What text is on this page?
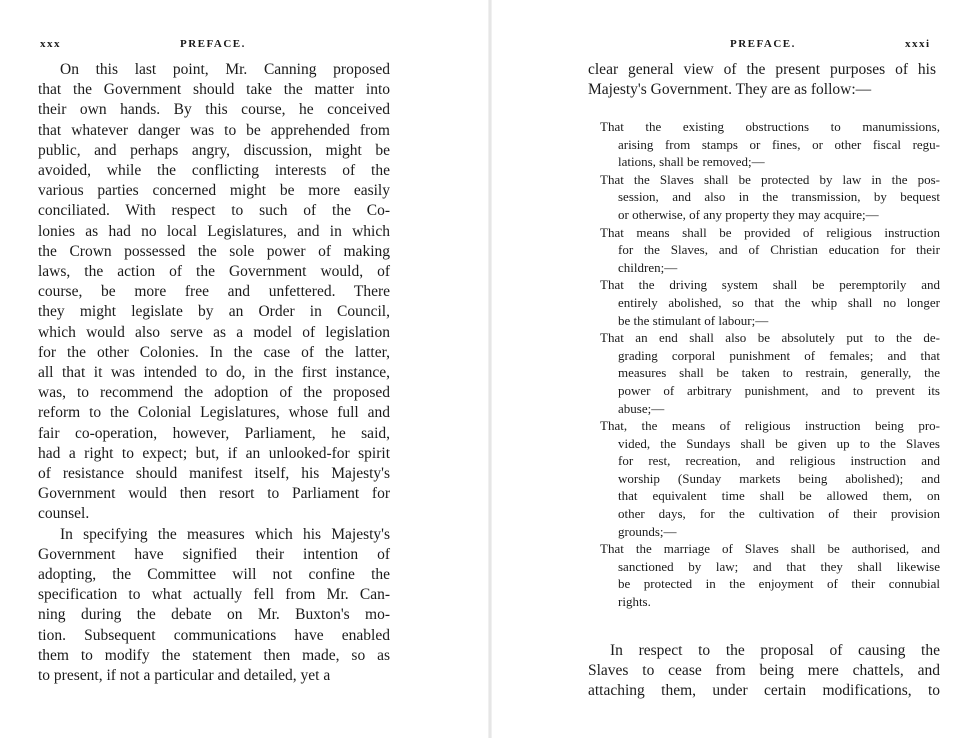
xxx	PREFACE.
On this last point, Mr. Canning proposed
that the Government should take the matter into
their own hands. By this course, he conceived
that whatever danger was to be apprehended from
public, and perhaps angry, discussion, might be
avoided, while the conflicting interests of the
various parties concerned might be more easily
conciliated. With respect to such of the Co-
lonies as had no local Legislatures, and in which
the Crown possessed the sole power of making
laws, the action of the Government would, of
course, be more free and unfettered. There
they might legislate by an Order in Council,
which would also serve as a model of legislation
for the other Colonies. In the case of the latter,
all that it was intended to do, in the first instance,
was, to recommend the adoption of the proposed
reform to the Colonial Legislatures, whose full and
fair co-operation, however, Parliament, he said,
had a right to expect; but, if an unlooked-for spirit
of resistance should manifest itself, his Majesty's
Government would then resort to Parliament for
counsel.
In specifying the measures which his Majesty's
Government have signified their intention of
adopting, the Committee will not confine the
specification to what actually fell from Mr. Can-
ning during the debate on Mr. Buxton's mo-
tion. Subsequent communications have enabled
them to modify the statement then made, so as
to present, if not a particular and detailed, yet a
PREFACE.	xxxi
clear general view of the present purposes of his
Majesty's Government. They are as follow:—
That the existing obstructions to manumissions,
arising from stamps or fines, or other fiscal regu-
lations, shall be removed;—
That the Slaves shall be protected by law in the pos-
session, and also in the transmission, by bequest
or otherwise, of any property they may acquire;—
That means shall be provided of religious instruction
for the Slaves, and of Christian education for their
children;—
That the driving system shall be peremptorily and
entirely abolished, so that the whip shall no longer
be the stimulant of labour;—
That an end shall also be absolutely put to the de-
grading corporal punishment of females; and that
measures shall be taken to restrain, generally, the
power of arbitrary punishment, and to prevent its
abuse;—
That, the means of religious instruction being pro-
vided, the Sundays shall be given up to the Slaves
for rest, recreation, and religious instruction and
worship (Sunday markets being abolished); and
that equivalent time shall be allowed them, on
other days, for the cultivation of their provision
grounds;—
That the marriage of Slaves shall be authorised, and
sanctioned by law; and that they shall likewise
be protected in the enjoyment of their connubial
rights.
In respect to the proposal of causing the
Slaves to cease from being mere chattels, and
attaching them, under certain modifications, to
